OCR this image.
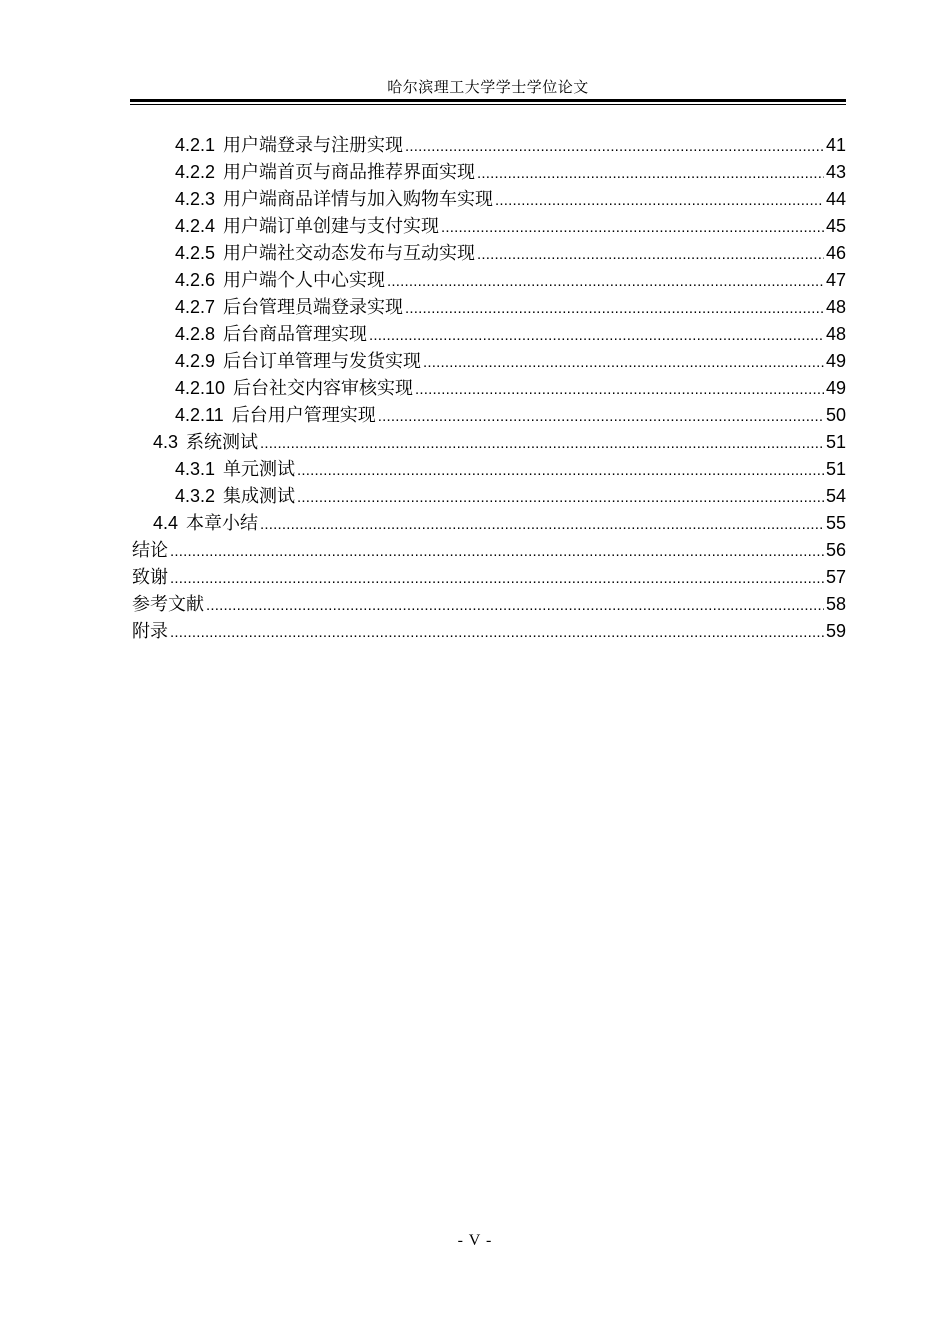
哈尔滨理工大学学士学位论文
4.2.1 用户端登录与注册实现 .....	41
4.2.2 用户端首页与商品推荐界面实现 .....	43
4.2.3 用户端商品详情与加入购物车实现 .....	44
4.2.4 用户端订单创建与支付实现 .....	45
4.2.5 用户端社交动态发布与互动实现 .....	46
4.2.6 用户端个人中心实现 .....	47
4.2.7 后台管理员端登录实现 .....	48
4.2.8 后台商品管理实现 .....	48
4.2.9 后台订单管理与发货实现 .....	49
4.2.10 后台社交内容审核实现 .....	49
4.2.11 后台用户管理实现 .....	50
4.3 系统测试 .....	51
4.3.1 单元测试 .....	51
4.3.2 集成测试 .....	54
4.4 本章小结 .....	55
结论 .....	56
致谢 .....	57
参考文献 .....	58
附录 .....	59
- V -
